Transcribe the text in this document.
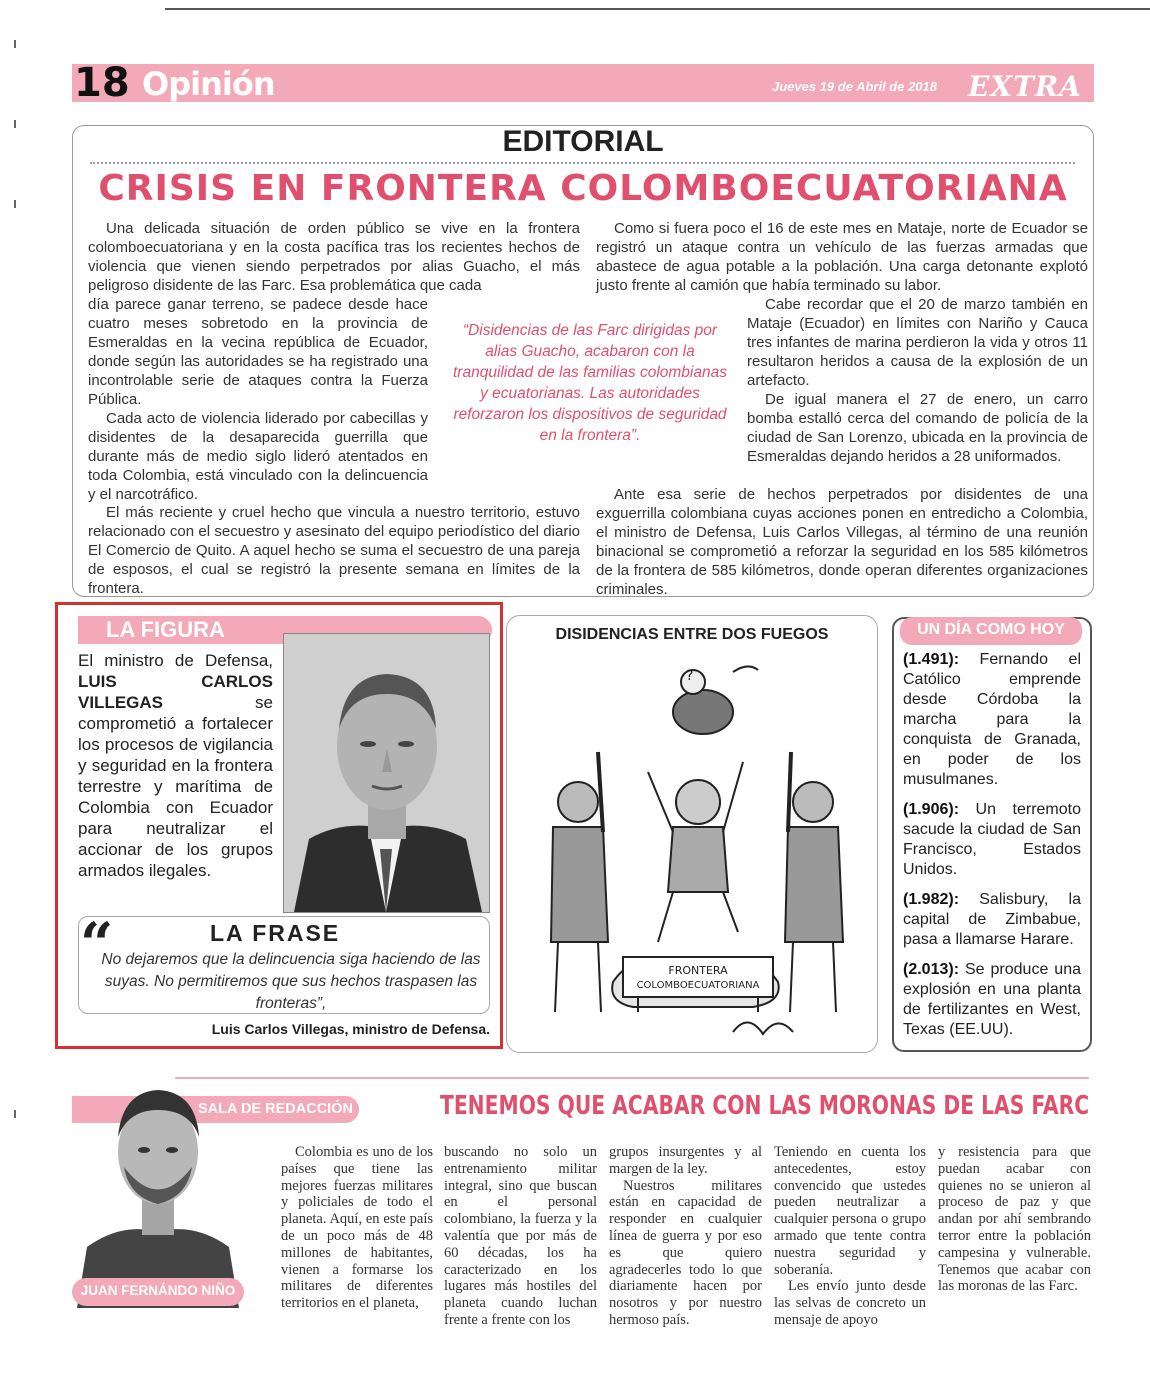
18 Opinión	Jueves 19 de Abril de 2018 EXTRA
EDITORIAL
CRISIS EN FRONTERA COLOMBOECUATORIANA

Una delicada situación de orden público se vive en la frontera colomboecuatoriana y en la costa pacífica tras los recientes hechos de violencia que vienen siendo perpetrados por alias Guacho, el más peligroso disidente de las Farc. Esa problemática que cada

día parece ganar terreno, se padece desde hace cuatro meses sobretodo en la provincia de Esmeraldas en la vecina república de Ecuador, donde según las autoridades se ha registrado una incontrolable serie de ataques contra la Fuerza Pública.

Cada acto de violencia liderado por cabecillas y disidentes de la desaparecida guerrilla que durante más de medio siglo lideró atentados en toda Colombia, está vinculado con la delincuencia y el narcotráfico.

El más reciente y cruel hecho que vincula a nuestro territorio, estuvo relacionado con el secuestro y asesinato del equipo periodístico del diario El Comercio de Quito. A aquel hecho se suma el secuestro de una pareja de esposos, el cual se registró la presente semana en límites de la frontera.

“Disidencias de las Farc dirigidas por alias Guacho, acabaron con la tranquilidad de las familias colombianas y ecuatorianas. Las autoridades reforzaron los dispositivos de seguridad en la frontera”.

Como si fuera poco el 16 de este mes en Mataje, norte de Ecuador se registró un ataque contra un vehículo de las fuerzas armadas que abastece de agua potable a la población. Una carga detonante explotó justo frente al camión que había terminado su labor.

Cabe recordar que el 20 de marzo también en Mataje (Ecuador) en límites con Nariño y Cauca tres infantes de marina perdieron la vida y otros 11 resultaron heridos a causa de la explosión de un artefacto.

De igual manera el 27 de enero, un carro bomba estalló cerca del comando de policía de la ciudad de San Lorenzo, ubicada en la provincia de Esmeraldas dejando heridos a 28 uniformados.

Ante esa serie de hechos perpetrados por disidentes de una exguerrilla colombiana cuyas acciones ponen en entredicho a Colombia, el ministro de Defensa, Luis Carlos Villegas, al término de una reunión binacional se comprometió a reforzar la seguridad en los 585 kilómetros de la frontera de 585 kilómetros, donde operan diferentes organizaciones criminales.

LA FIGURA
El ministro de Defensa, LUIS CARLOS VILLEGAS	se comprometió a fortalecer los procesos de vigilancia y seguridad en la frontera terrestre y marítima de Colombia con Ecuador para neutralizar el accionar de los grupos armados ilegales.
“	LA FRASE
No dejaremos que la delincuencia siga haciendo de las suyas. No permitiremos que sus hechos traspasen las fronteras”,
Luis Carlos Villegas, ministro de Defensa.
DISIDENCIAS ENTRE DOS FUEGOS
?
FRONTERA
COLOMBOECUATORIANA
UN DÍA COMO HOY

(1.491): Fernando el Católico emprende desde Córdoba la marcha para la conquista de Granada, en poder de los musulmanes.

(1.906): Un terremoto sacude la ciudad de San Francisco, Estados Unidos.

(1.982): Salisbury, la capital de Zimbabue, pasa a llamarse Harare.

(2.013): Se produce una explosión en una planta de fertilizantes en West, Texas (EE.UU).

SALA DE REDACCIÓN
JUAN FERNÁNDO NIÑO
TENEMOS QUE ACABAR CON LAS MORONAS DE LAS FARC

Colombia es uno de los países que tiene las mejores fuerzas militares y policiales de todo el planeta. Aquí, en este país de un poco más de 48 millones de habitantes, vienen a formarse los militares de diferentes territorios en el planeta,

buscando no solo un entrenamiento militar integral, sino que buscan en el personal colombiano, la fuerza y la valentía que por más de 60 décadas, los ha caracterizado en los lugares más hostiles del planeta cuando luchan frente a frente con los

grupos insurgentes y al margen de la ley.

Nuestros militares están en capacidad de responder en cualquier línea de guerra y por eso es que quiero agradecerles todo lo que diariamente hacen por nosotros y por nuestro hermoso país.

Teniendo en cuenta los antecedentes, estoy convencido que ustedes pueden neutralizar a cualquier persona o grupo armado que tente contra nuestra seguridad y soberanía.

Les envío junto desde las selvas de concreto un mensaje de apoyo

y resistencia para que puedan acabar con quienes no se unieron al proceso de paz y que andan por ahí sembrando terror entre la población campesina y vulnerable. Tenemos que acabar con las moronas de las Farc.
